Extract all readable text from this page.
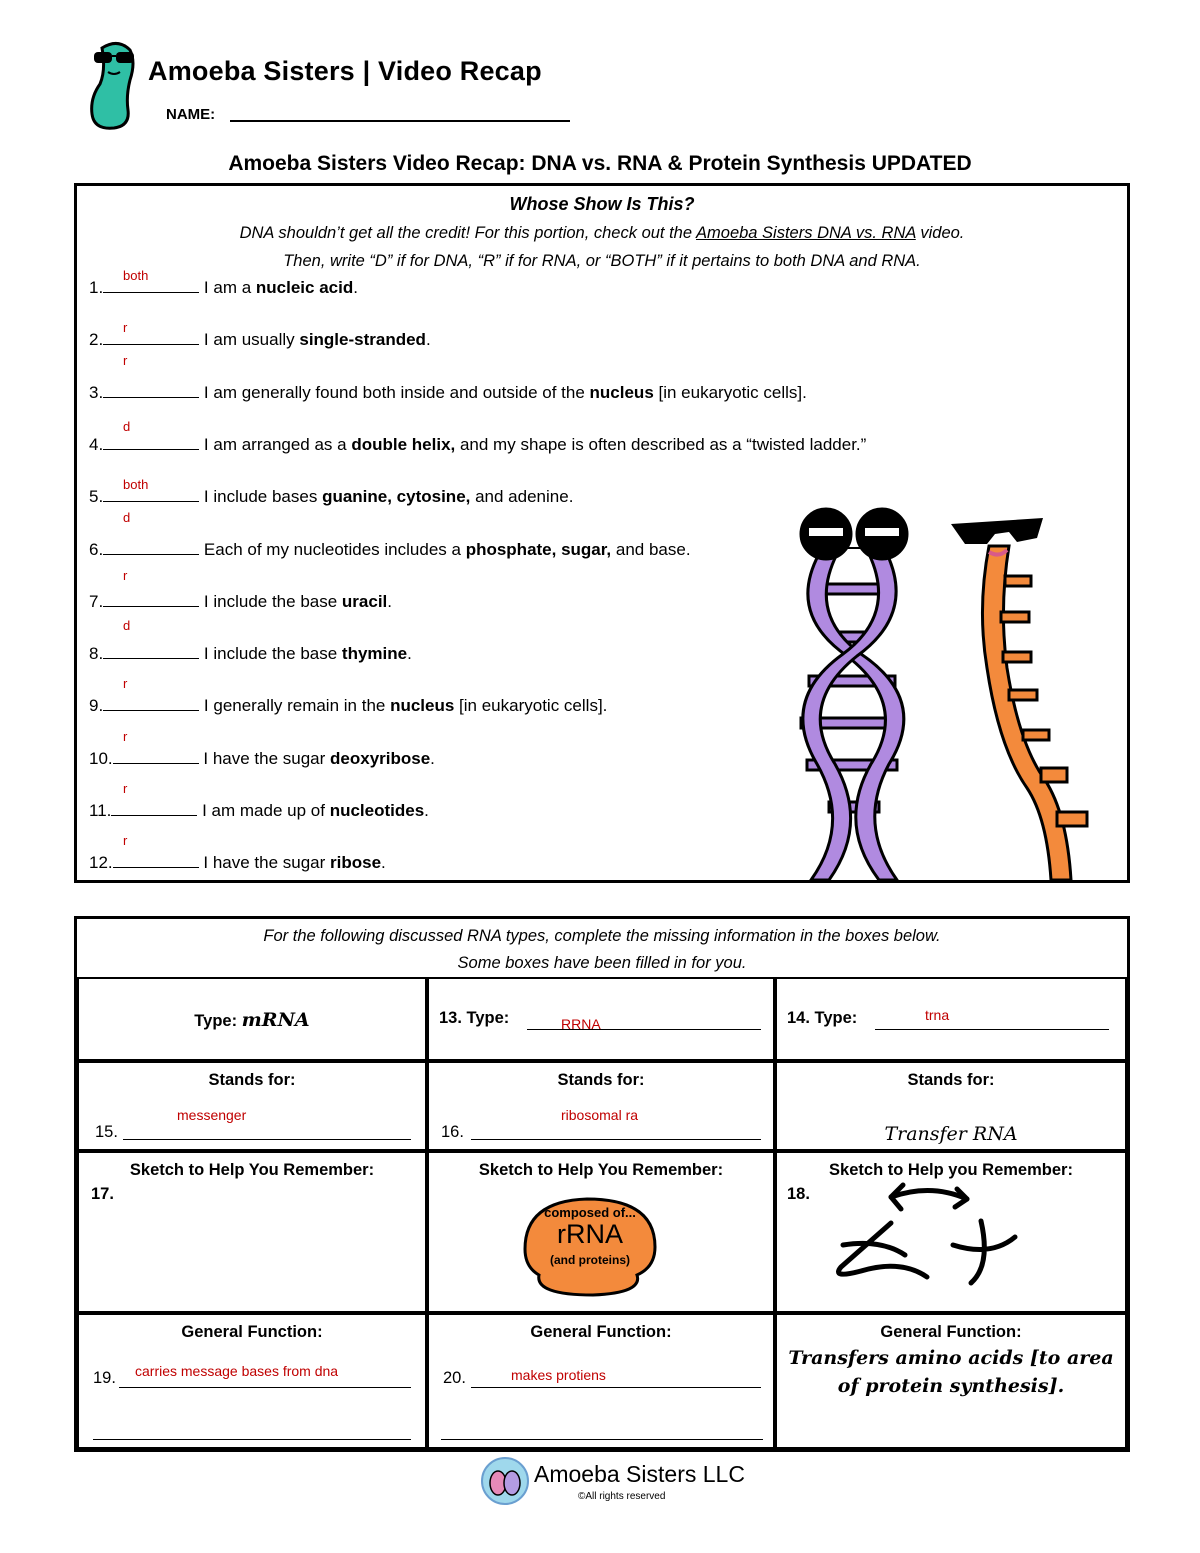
Amoeba Sisters | Video Recap
NAME:
Amoeba Sisters Video Recap: DNA vs. RNA & Protein Synthesis UPDATED
Whose Show Is This?
DNA shouldn’t get all the credit! For this portion, check out the Amoeba Sisters DNA vs. RNA video.
Then, write “D” if for DNA, “R” if for RNA, or “BOTH” if it pertains to both DNA and RNA.
1.	I am a nucleic acid.
both
2.	I am usually single-stranded.
r
3.	I am generally found both inside and outside of the nucleus [in eukaryotic cells].
r
4.	I am arranged as a double helix, and my shape is often described as a “twisted ladder.”
d
5.	I include bases guanine, cytosine, and adenine.
both
6.	Each of my nucleotides includes a phosphate, sugar, and base.
d
7.	I include the base uracil.
r
8.	I include the base thymine.
d
9.	I generally remain in the nucleus [in eukaryotic cells].
r
10.	I have the sugar deoxyribose.
r
11.	I am made up of nucleotides.
r
12.	I have the sugar ribose.
r
For the following discussed RNA types, complete the missing information in the boxes below.
Some boxes have been filled in for you.
Type: mRNA	13. Type:	RRNA	14. Type:	trna
Stands for:
15.
messenger
Stands for:
16.
ribosomal ra
Stands for:
Transfer RNA
Sketch to Help You Remember:
17.
Sketch to Help You Remember:
composed of...
rRNA
(and proteins)
Sketch to Help you Remember:
18.
General Function:
19. carries message bases from dna
General Function:
20.	makes protiens
General Function:
Transfers amino acids [to area
of protein synthesis].
Amoeba Sisters LLC
©All rights reserved
